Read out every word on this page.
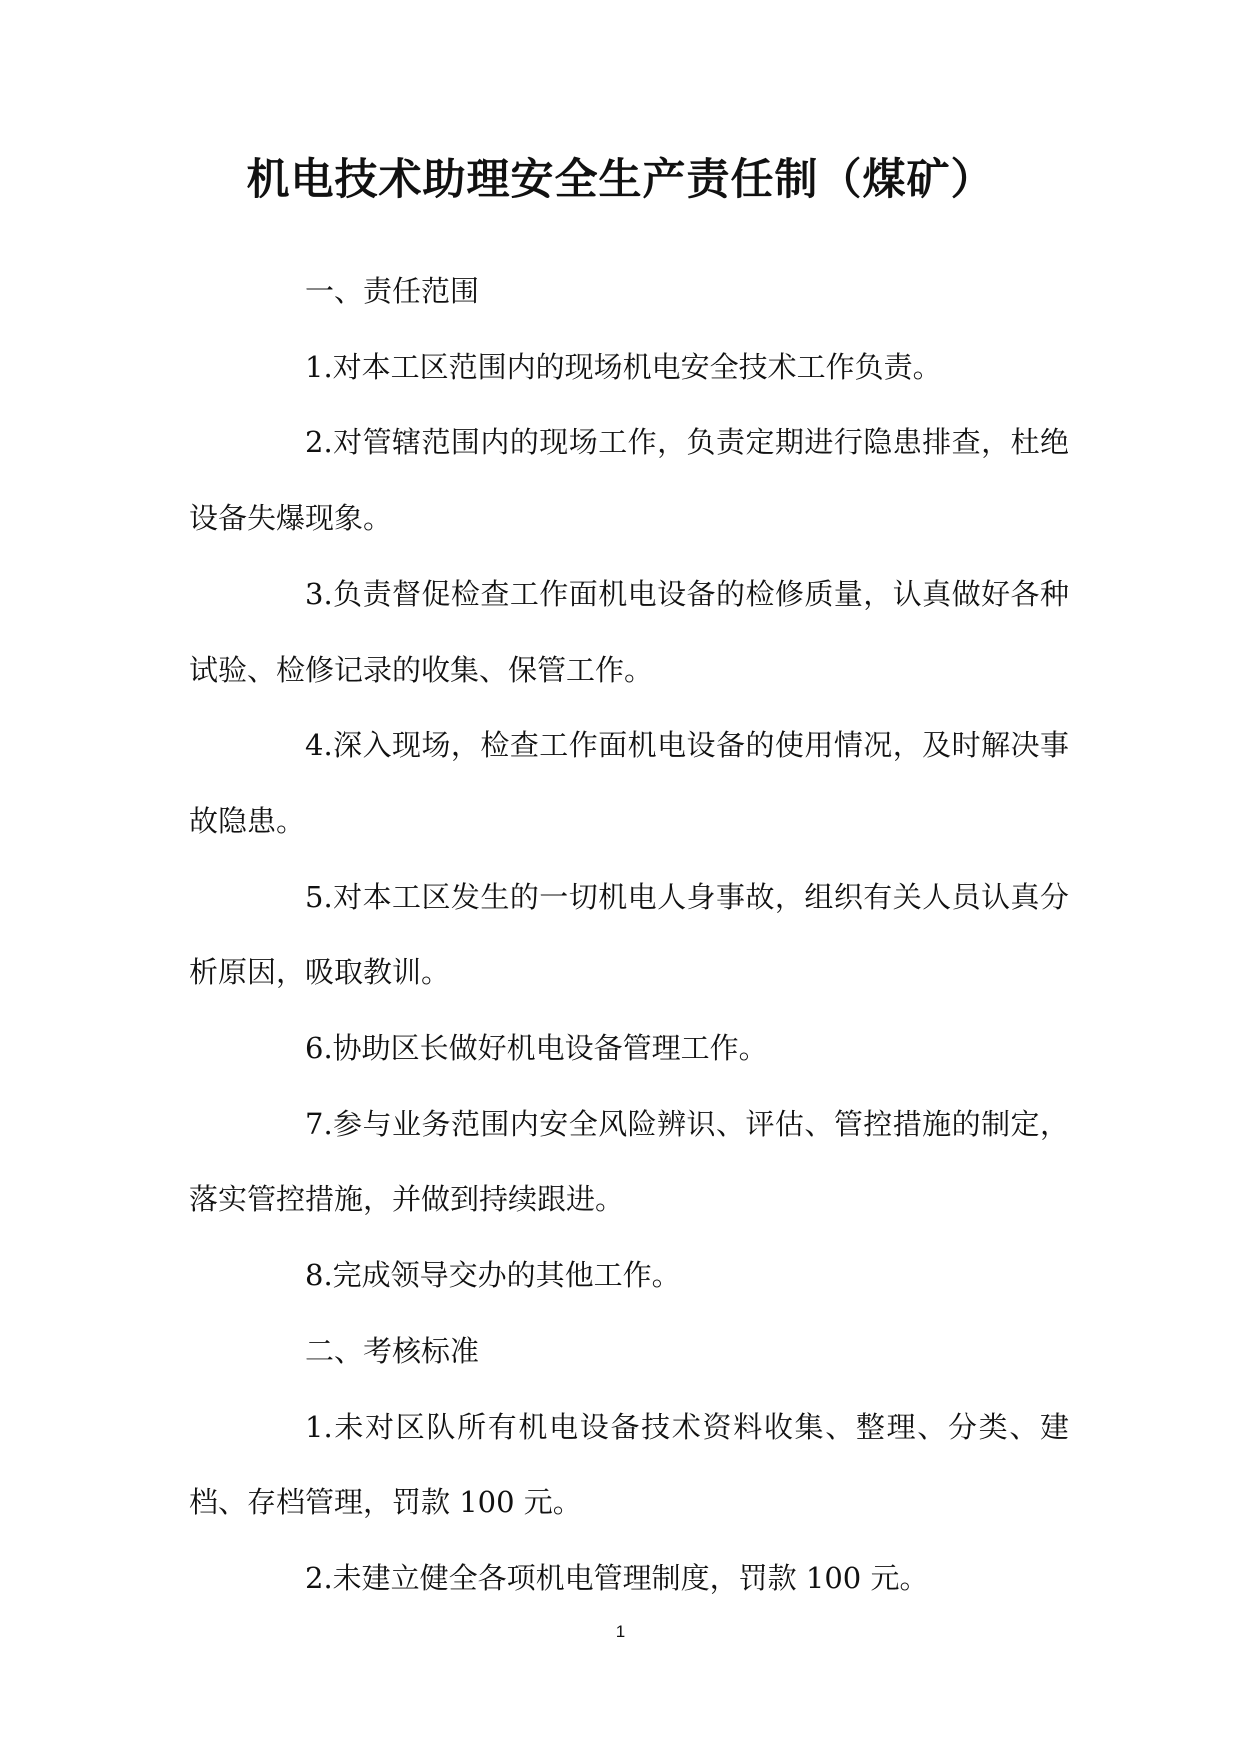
机电技术助理安全生产责任制（煤矿）

一、责任范围

1.对本工区范围内的现场机电安全技术工作负责。

2.对管辖范围内的现场工作，负责定期进行隐患排查，杜绝设备失爆现象。

3.负责督促检查工作面机电设备的检修质量，认真做好各种试验、检修记录的收集、保管工作。

4.深入现场，检查工作面机电设备的使用情况，及时解决事故隐患。

5.对本工区发生的一切机电人身事故，组织有关人员认真分析原因，吸取教训。

6.协助区长做好机电设备管理工作。

7.参与业务范围内安全风险辨识、评估、管控措施的制定，落实管控措施，并做到持续跟进。

8.完成领导交办的其他工作。

二、考核标准

1.未对区队所有机电设备技术资料收集、整理、分类、建档、存档管理，罚款 100 元。

2.未建立健全各项机电管理制度，罚款 100 元。

1
